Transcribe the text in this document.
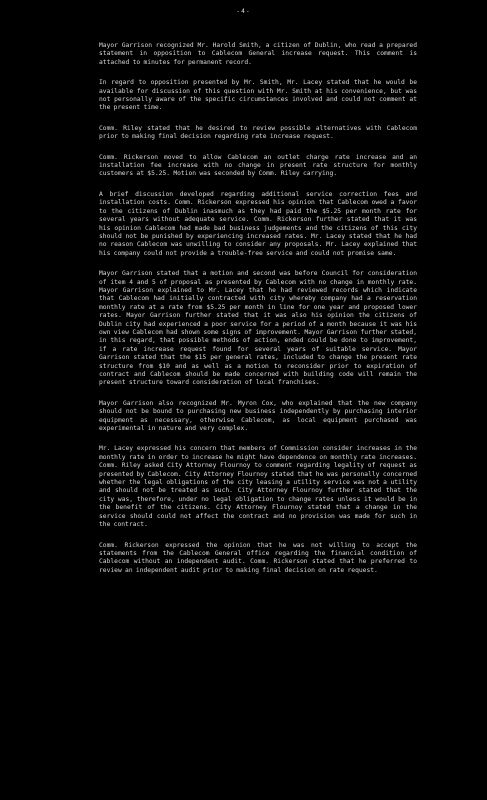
-4-

Mayor Garrison recognized Mr. Harold Smith, a citizen of Dublin, who read a prepared statement in opposition to Cablecom General increase request. This comment is attached to minutes for permanent record.

In regard to opposition presented by Mr. Smith, Mr. Lacey stated that he would be available for discussion of this question with Mr. Smith at his convenience, but was not personally aware of the specific circumstances involved and could not comment at the present time.

Comm. Riley stated that he desired to review possible alternatives with Cablecom prior to making final decision regarding rate increase request.

Comm. Rickerson moved to allow Cablecom an outlet charge rate increase and an installation fee increase with no change in present rate structure for monthly customers at $5.25. Motion was seconded by Comm. Riley carrying.

A brief discussion developed regarding additional service correction fees and installation costs. Comm. Rickerson expressed his opinion that Cablecom owed a favor to the citizens of Dublin inasmuch as they had paid the $5.25 per month rate for several years without adequate service. Comm. Rickerson further stated that it was his opinion Cablecom had made bad business judgements and the citizens of this city should not be punished by experiencing increased rates. Mr. Lacey stated that he had no reason Cablecom was unwilling to consider any proposals. Mr. Lacey explained that his company could not provide a trouble-free service and could not promise same.

Mayor Garrison stated that a motion and second was before Council for consideration of item 4 and 5 of proposal as presented by Cablecom with no change in monthly rate. Mayor Garrison explained to Mr. Lacey that he had reviewed records which indicate that Cablecom had initially contracted with city whereby company had a reservation monthly rate at a rate from $5.25 per month in line for one year and proposed lower rates. Mayor Garrison further stated that it was also his opinion the citizens of Dublin city had experienced a poor service for a period of a month because it was his own view Cablecom had shown some signs of improvement. Mayor Garrison further stated, in this regard, that possible methods of action, ended could be done to improvement, if a rate increase request found for several years of suitable service. Mayor Garrison stated that the $15 per general rates, included to change the present rate structure from $10 and as well as a motion to reconsider prior to expiration of contract and Cablecom should be made concerned with building code will remain the present structure toward consideration of local franchises.

Mayor Garrison also recognized Mr. Myron Cox, who explained that the new company should not be bound to purchasing new business independently by purchasing interior equipment as necessary, otherwise Cablecom, as local equipment purchased was experimental in nature and very complex.

Mr. Lacey expressed his concern that members of Commission consider increases in the monthly rate in order to increase he might have dependence on monthly rate increases. Comm. Riley asked City Attorney Flournoy to comment regarding legality of request as presented by Cablecom. City Attorney Flournoy stated that he was personally concerned whether the legal obligations of the city leasing a utility service was not a utility and should not be treated as such. City Attorney Flournoy further stated that the city was, therefore, under no legal obligation to change rates unless it would be in the benefit of the citizens. City Attorney Flournoy stated that a change in the service should could not affect the contract and no provision was made for such in the contract.

Comm. Rickerson expressed the opinion that he was not willing to accept the statements from the Cablecom General office regarding the financial condition of Cablecom without an independent audit. Comm. Rickerson stated that he preferred to review an independent audit prior to making final decision on rate request.
